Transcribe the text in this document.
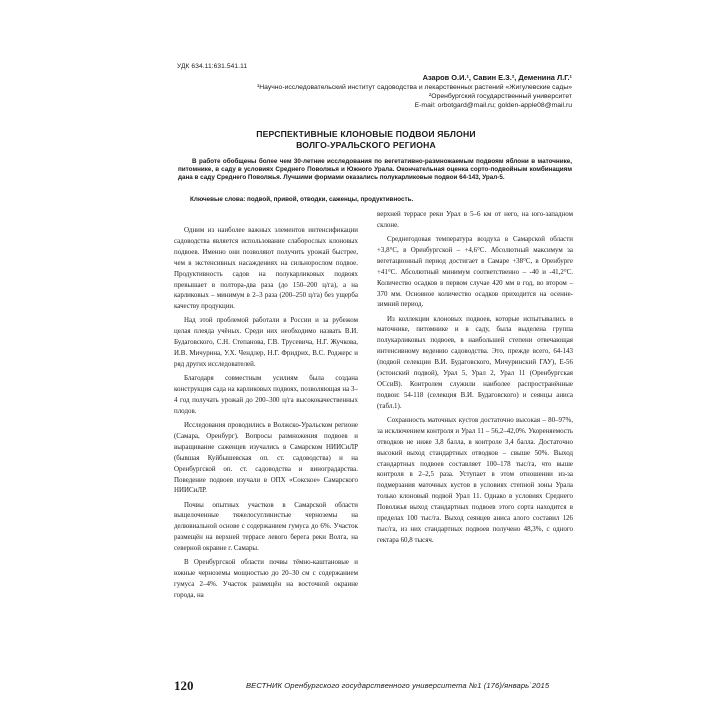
УДК 634.11:631.541.11
Азаров О.И.¹, Савин Е.З.², Деменина Л.Г.¹
¹Научно-исследовательский институт садоводства и лекарственных растений «Жигулевские сады»
²Оренбургский государственный университет
E-mail: orbotgard@mail.ru; golden-apple08@mail.ru
ПЕРСПЕКТИВНЫЕ КЛОНОВЫЕ ПОДВОИ ЯБЛОНИ
ВОЛГО-УРАЛЬСКОГО РЕГИОНА
В работе обобщены более чем 30-летние исследования по вегетативно-размножаемым подвоям яблони в маточнике, питомнике, в саду в условиях Среднего Поволжья и Южного Урала. Окончательная оценка сорто-подвойным комбинациям дана в саду Среднего Поволжья. Лучшими формами оказались полукарликовые подвои 64-143, Урал-5.
Ключевые слова: подвой, привой, отводки, саженцы, продуктивность.

Одним из наиболее важных элементов интенсификации садоводства является использование слаборослых клоновых подвоев. Именно они позволяют получить урожай быстрее, чем в экстенсивных насаждениях на сильнорослом подвое. Продуктивность садов на полукарликовых подвоях превышает в полтора-два раза (до 150–200 ц/га), а на карликовых – минимум в 2–3 раза (200–250 ц/га) без ущерба качеству продукции.

Над этой проблемой работали в России и за рубежом целая плеяда учёных. Среди них необходимо назвать В.И. Будаговского, С.Н. Степанова, Г.В. Трусевича, Н.Г. Жучкова, И.В. Мичурина, У.Х. Чендлер, Н.Г. Фридрих, В.С. Роджерс и ряд других исследователей.

Благодаря совместным усилиям была создана конструкция сада на карликовых подвоях, позволяющая на 3–4 год получать урожай до 200–300 ц/га высококачественных плодов.

Исследования проводились в Волжско-Уральском регионе (Самара, Оренбург). Вопросы размножения подвоев и выращивание саженцев изучались в Самарском НИИСиЛР (бывшая Куйбышевская оп. ст. садоводства) и на Оренбургской оп. ст. садоводства и виноградарства. Поведение подвоев изучали в ОПХ «Сокское» Самарского НИИСиЛР.

Почвы опытных участков в Самарской области выщелоченные тяжелосуглинистые черноземы на делювиальной основе с содержанием гумуса до 6%. Участок размещён на верхней террасе левого берега реки Волга, на северной окраине г. Самары.

В Оренбургской области почвы тёмно-каштановые и южные черноземы мощностью до 20–30 см с содержанием гумуса 2–4%. Участок размещён на восточной окраине города, на

верхней террасе реки Урал в 5–6 км от него, на юго-западном склоне.

Среднегодовая температура воздуха в Самарской области +3,8°С, в Оренбургской – +4,6°С. Абсолютный максимум за вегетационный период достигает в Самаре +38°С, в Оренбурге +41°С. Абсолютный минимум соответственно – -40 и -41,2°С. Количество осадков в первом случае 420 мм в год, во втором – 370 мм. Основное количество осадков приходится на осенне-зимний период.

Из коллекции клоновых подвоев, которые испытывались в маточнике, питомнике и в саду, была выделена группа полукарликовых подвоев, в наибольшей степени отвечающая интенсивному ведению садоводства. Это, прежде всего, 64-143 (подвой селекции В.И. Будаговского, Мичуринский ГАУ), Е-56 (эстонский подвой), Урал 5, Урал 2, Урал 11 (Оренбургская ОСсиВ). Контролем служили наиболее распространённые подвои: 54-118 (селекция В.И. Будаговского) и сеянцы аниса (табл.1).

Сохранность маточных кустов достаточно высокая – 80–97%, за исключением контроля и Урал 11 – 56,2–42,0%. Укореняемость отводков не ниже 3,8 балла, в контроле 3,4 балла. Достаточно высокий выход стандартных отводков – свыше 50%. Выход стандартных подвоев составляет 100–178 тыс/га, что выше контроля в 2–2,5 раза. Уступает в этом отношении из-за подмерзания маточных кустов в условиях степной зоны Урала только клоновый подвой Урал 11. Однако в условиях Среднего Поволжья выход стандартных подвоев этого сорта находится в пределах 100 тыс/га. Выход сеянцев аниса алого составил 126 тыс/га, из них стандартных подвоев получено 48,3%, с одного гектара 60,8 тысяч.

120	ВЕСТНИК Оренбургского государственного университета №1 (176)/январь`2015
